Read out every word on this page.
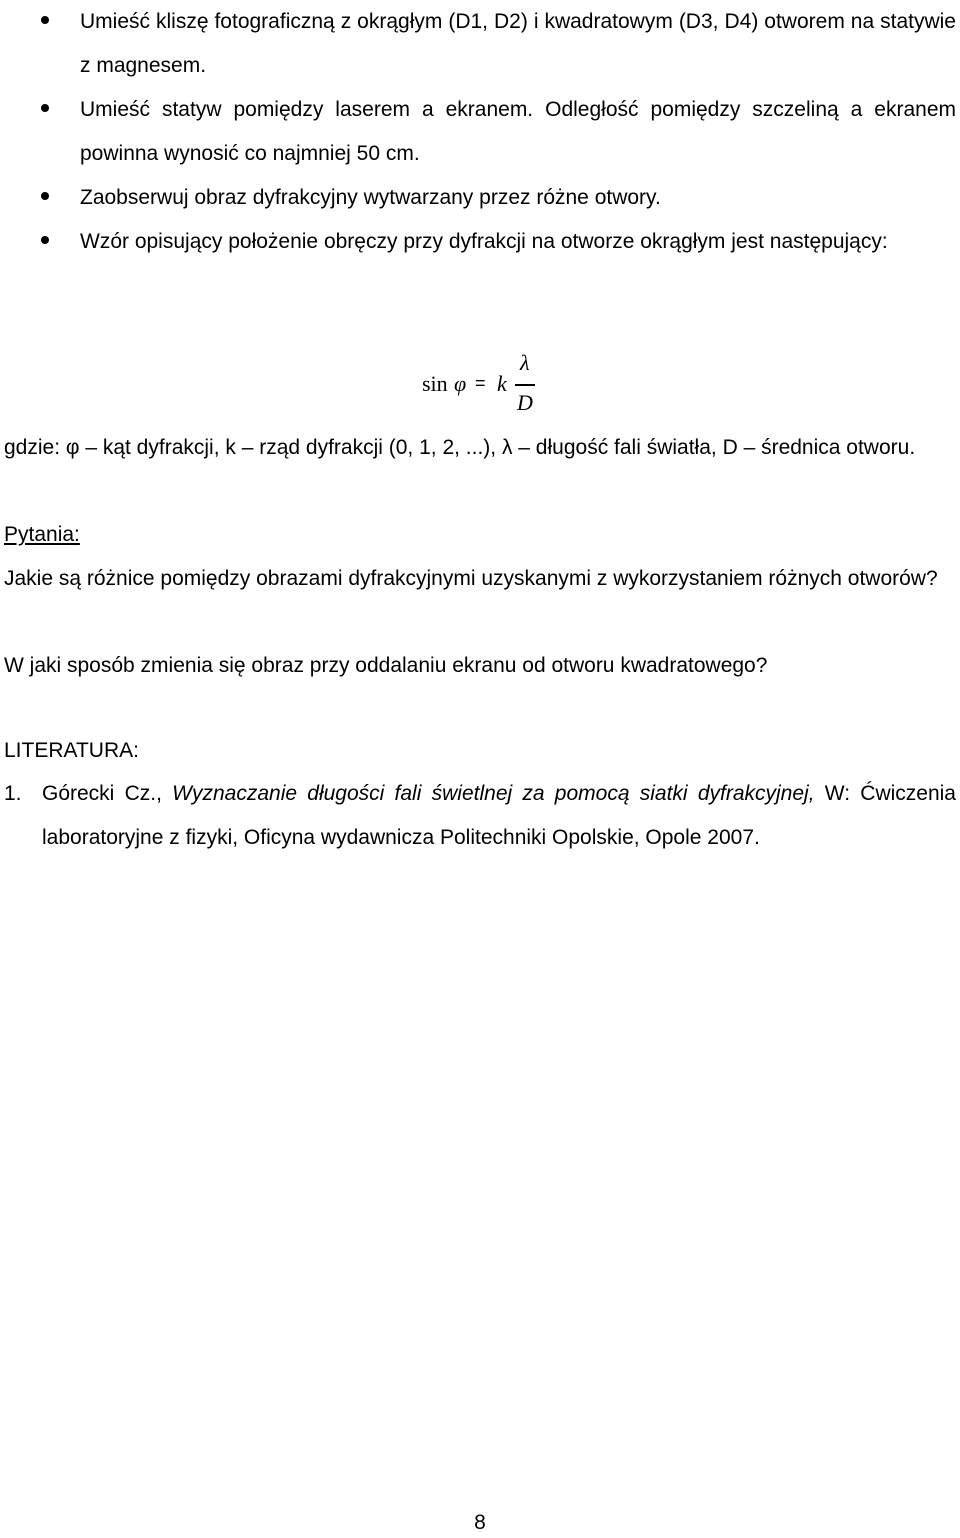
Umieść kliszę fotograficzną z okrągłym (D1, D2) i kwadratowym (D3, D4) otworem na statywie z magnesem.
Umieść statyw pomiędzy laserem a ekranem. Odległość pomiędzy szczeliną a ekranem powinna wynosić co najmniej 50 cm.
Zaobserwuj obraz dyfrakcyjny wytwarzany przez różne otwory.
Wzór opisujący położenie obręczy przy dyfrakcji na otworze okrągłym jest następujący:
sin φ = k
λ
D

gdzie: φ – kąt dyfrakcji, k – rząd dyfrakcji (0, 1, 2, ...), λ – długość fali światła, D – średnica otworu.

Pytania:

Jakie są różnice pomiędzy obrazami dyfrakcyjnymi uzyskanymi z wykorzystaniem różnych otworów?

W jaki sposób zmienia się obraz przy oddalaniu ekranu od otworu kwadratowego?

LITERATURA:

1. Górecki Cz., Wyznaczanie długości fali świetlnej za pomocą siatki dyfrakcyjnej, W: Ćwiczenia laboratoryjne z fizyki, Oficyna wydawnicza Politechniki Opolskie, Opole 2007.

8
